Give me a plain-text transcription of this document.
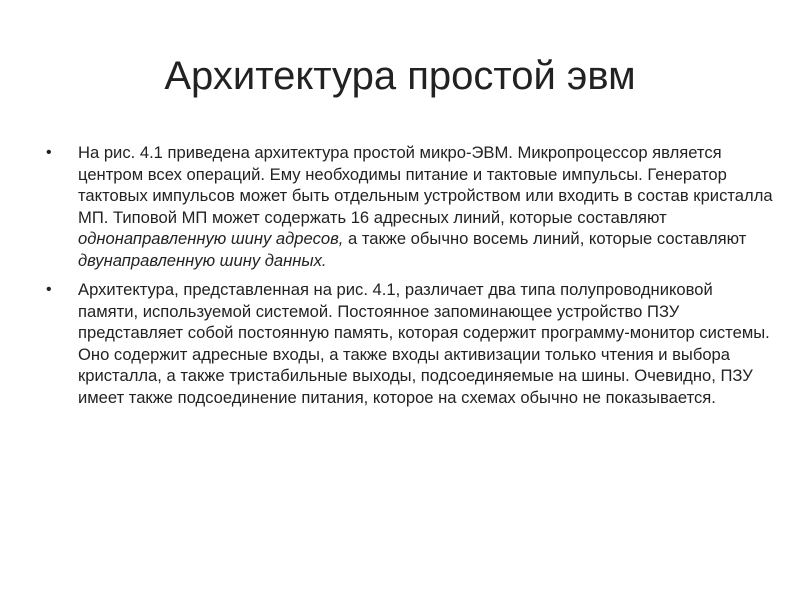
Архитектура простой эвм
•	На рис. 4.1 приведена архитектура простой микро-ЭВМ. Микропроцессор является центром всех операций. Ему необходимы питание и тактовые импульсы. Генератор тактовых импульсов может быть отдельным устройством или входить в состав кристалла МП. Типовой МП может содержать 16 адресных линий, которые составляют однонаправленную шину адресов, а также обычно восемь линий, которые составляют двунаправленную шину данных.
•	Архитектура, представленная на рис. 4.1, различает два типа полупроводниковой памяти, используемой системой. Постоянное запоминающее устройство ПЗУ представляет собой постоянную память, которая содержит программу-монитор системы. Оно содержит адресные входы, а также входы активизации только чтения и выбора кристалла, а также тристабильные выходы, подсоединяемые на шины. Очевидно, ПЗУ имеет также подсоединение питания, которое на схемах обычно не показывается.
